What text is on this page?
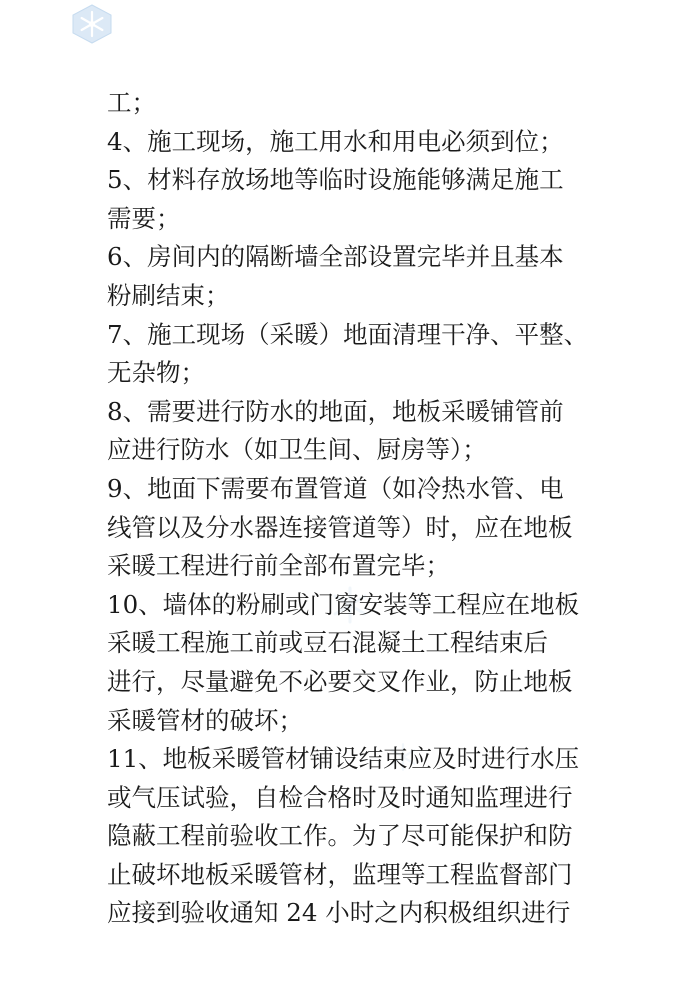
工；
4、施工现场，施工用水和用电必须到位；
5、材料存放场地等临时设施能够满足施工
需要；
6、房间内的隔断墙全部设置完毕并且基本
粉刷结束；
7、施工现场（采暖）地面清理干净、平整、
无杂物；
8、需要进行防水的地面，地板采暖铺管前
应进行防水（如卫生间、厨房等）；
9、地面下需要布置管道（如冷热水管、电
线管以及分水器连接管道等）时，应在地板
采暖工程进行前全部布置完毕；
10、墙体的粉刷或门窗安装等工程应在地板
采暖工程施工前或豆石混凝土工程结束后
进行，尽量避免不必要交叉作业，防止地板
采暖管材的破坏；
11、地板采暖管材铺设结束应及时进行水压
或气压试验，自检合格时及时通知监理进行
隐蔽工程前验收工作。为了尽可能保护和防
止破坏地板采暖管材，监理等工程监督部门
应接到验收通知 24 小时之内积极组织进行
